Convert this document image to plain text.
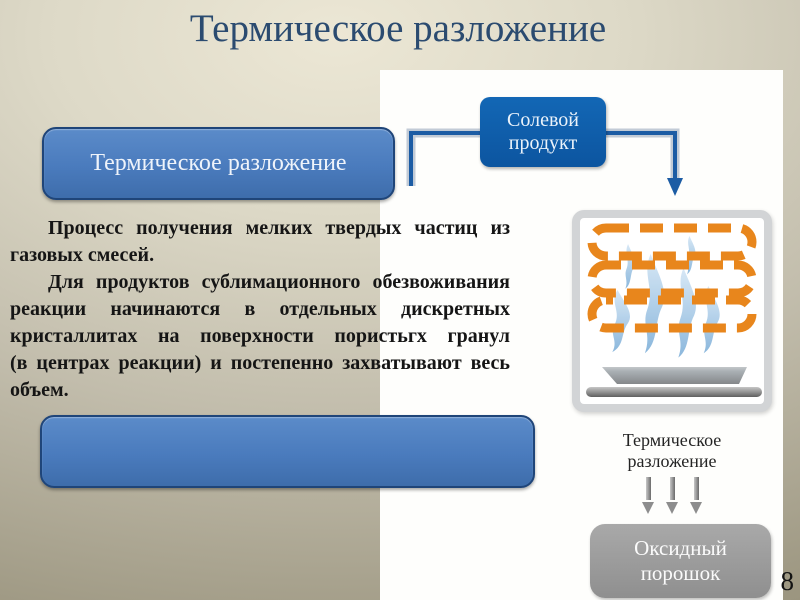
Термическое разложение
Термическое разложение
Солевой
продукт
Процесс получения мелких твердых частиц из
газовых смесей.
Для продуктов сублимационного обезвоживания
реакции начинаются в отдельных дискретных
кристаллитах на поверхности пористьгх гранул
(в центрах реакции) и постепенно захватывают весь
объем.
Термическое
разложение
Оксидный
порошок 8
